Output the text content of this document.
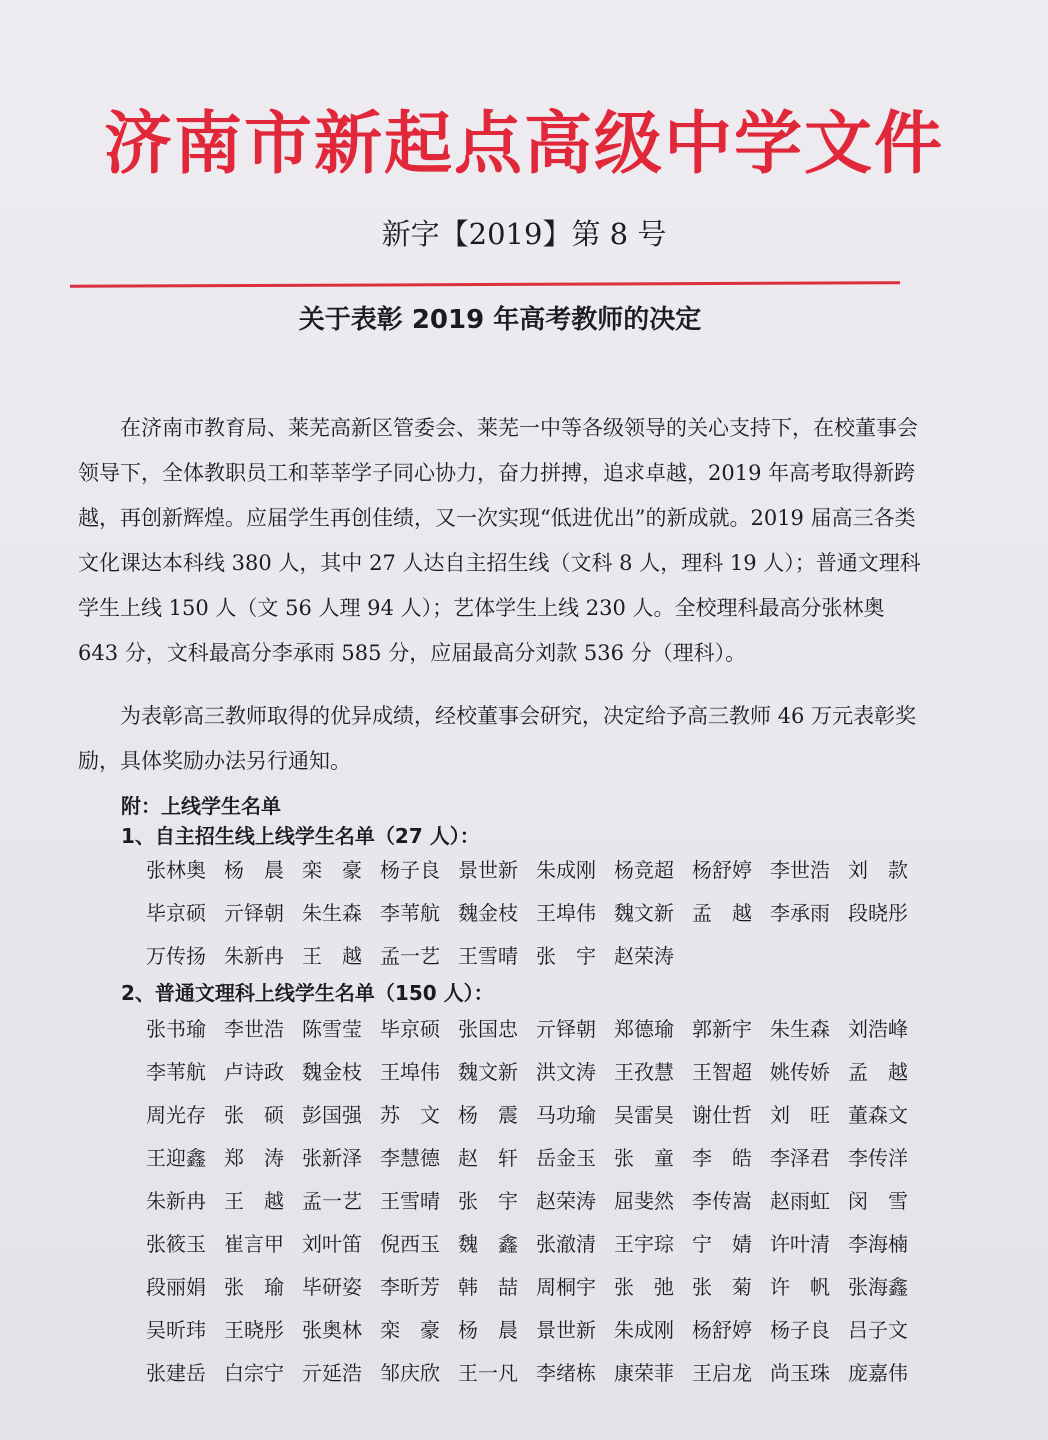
济南市新起点高级中学文件
新字【2019】第 8 号
关于表彰 2019 年高考教师的决定

在济南市教育局、莱芜高新区管委会、莱芜一中等各级领导的关心支持下，在校董事会领导下，全体教职员工和莘莘学子同心协力，奋力拼搏，追求卓越，2019 年高考取得新跨越，再创新辉煌。应届学生再创佳绩，又一次实现“低进优出”的新成就。2019 届高三各类文化课达本科线 380 人，其中 27 人达自主招生线（文科 8 人，理科 19 人）；普通文理科学生上线 150 人（文 56 人理 94 人）；艺体学生上线 230 人。全校理科最高分张林奥 643 分，文科最高分李承雨 585 分，应届最高分刘款 536 分（理科）。

为表彰高三教师取得的优异成绩，经校董事会研究，决定给予高三教师 46 万元表彰奖励，具体奖励办法另行通知。

附：上线学生名单
1、自主招生线上线学生名单（27 人）：
张林奥 杨　晨 栾　豪 杨子良 景世新 朱成刚 杨竞超 杨舒婷 李世浩 刘　款
毕京硕 亓铎朝 朱生森 李苇航 魏金枝 王埠伟 魏文新 孟　越 李承雨 段晓彤
万传扬 朱新冉 王　越 孟一艺 王雪晴 张　宇 赵荣涛
2、普通文理科上线学生名单（150 人）：
张书瑜 李世浩 陈雪莹 毕京硕 张国忠 亓铎朝 郑德瑜 郭新宇 朱生森 刘浩峰
李苇航 卢诗政 魏金枝 王埠伟 魏文新 洪文涛 王孜慧 王智超 姚传娇 孟　越
周光存 张　硕 彭国强 苏　文 杨　震 马功瑜 吴雷昊 谢仕哲 刘　旺 董森文
王迎鑫 郑　涛 张新泽 李慧德 赵　轩 岳金玉 张　童 李　皓 李泽君 李传洋
朱新冉 王　越 孟一艺 王雪晴 张　宇 赵荣涛 屈斐然 李传嵩 赵雨虹 闵　雪
张筱玉 崔言甲 刘叶笛 倪西玉 魏　鑫 张澈清 王宇琮 宁　婧 许叶清 李海楠
段丽娟 张　瑜 毕研姿 李昕芳 韩　喆 周桐宇 张　弛 张　菊 许　帆 张海鑫
吴昕玮 王晓彤 张奥林 栾　豪 杨　晨 景世新 朱成刚 杨舒婷 杨子良 吕子文
张建岳 白宗宁 亓延浩 邹庆欣 王一凡 李绪栋 康荣菲 王启龙 尚玉珠 庞嘉伟
